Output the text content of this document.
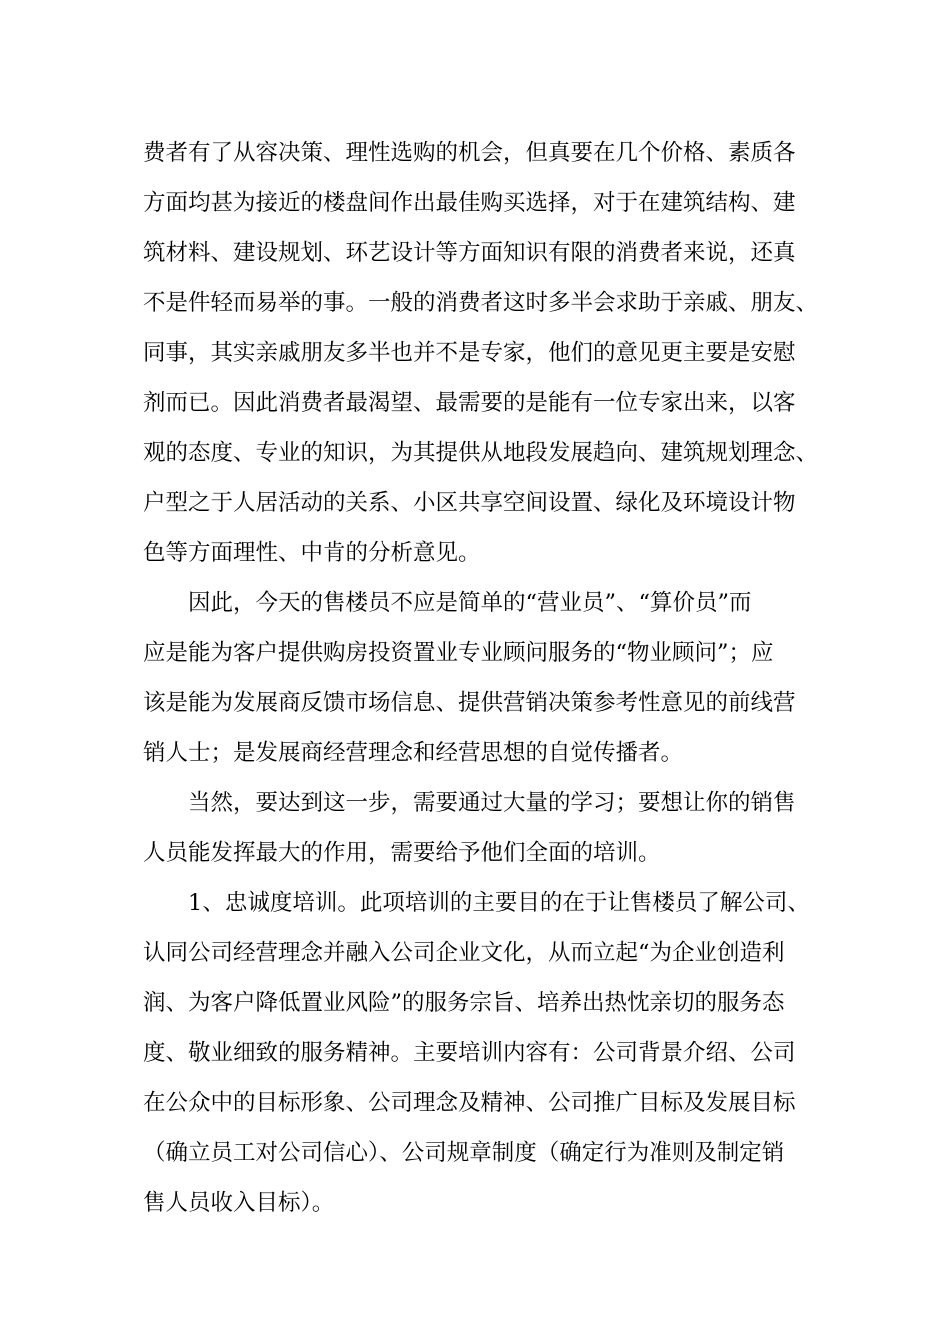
费者有了从容决策、理性选购的机会，但真要在几个价格、素质各
方面均甚为接近的楼盘间作出最佳购买选择，对于在建筑结构、建
筑材料、建设规划、环艺设计等方面知识有限的消费者来说，还真
不是件轻而易举的事。一般的消费者这时多半会求助于亲戚、朋友、
同事，其实亲戚朋友多半也并不是专家，他们的意见更主要是安慰
剂而已。因此消费者最渴望、最需要的是能有一位专家出来，以客
观的态度、专业的知识，为其提供从地段发展趋向、建筑规划理念、
户型之于人居活动的关系、小区共享空间设置、绿化及环境设计物
色等方面理性、中肯的分析意见。

因此，今天的售楼员不应是简单的“营业员”、“算价员”而
应是能为客户提供购房投资置业专业顾问服务的“物业顾问”；应
该是能为发展商反馈市场信息、提供营销决策参考性意见的前线营
销人士；是发展商经营理念和经营思想的自觉传播者。

当然，要达到这一步，需要通过大量的学习；要想让你的销售
人员能发挥最大的作用，需要给予他们全面的培训。

1、忠诚度培训。此项培训的主要目的在于让售楼员了解公司、
认同公司经营理念并融入公司企业文化，从而立起“为企业创造利
润、为客户降低置业风险”的服务宗旨、培养出热忱亲切的服务态
度、敬业细致的服务精神。主要培训内容有：公司背景介绍、公司
在公众中的目标形象、公司理念及精神、公司推广目标及发展目标
（确立员工对公司信心）、公司规章制度（确定行为准则及制定销
售人员收入目标）。
